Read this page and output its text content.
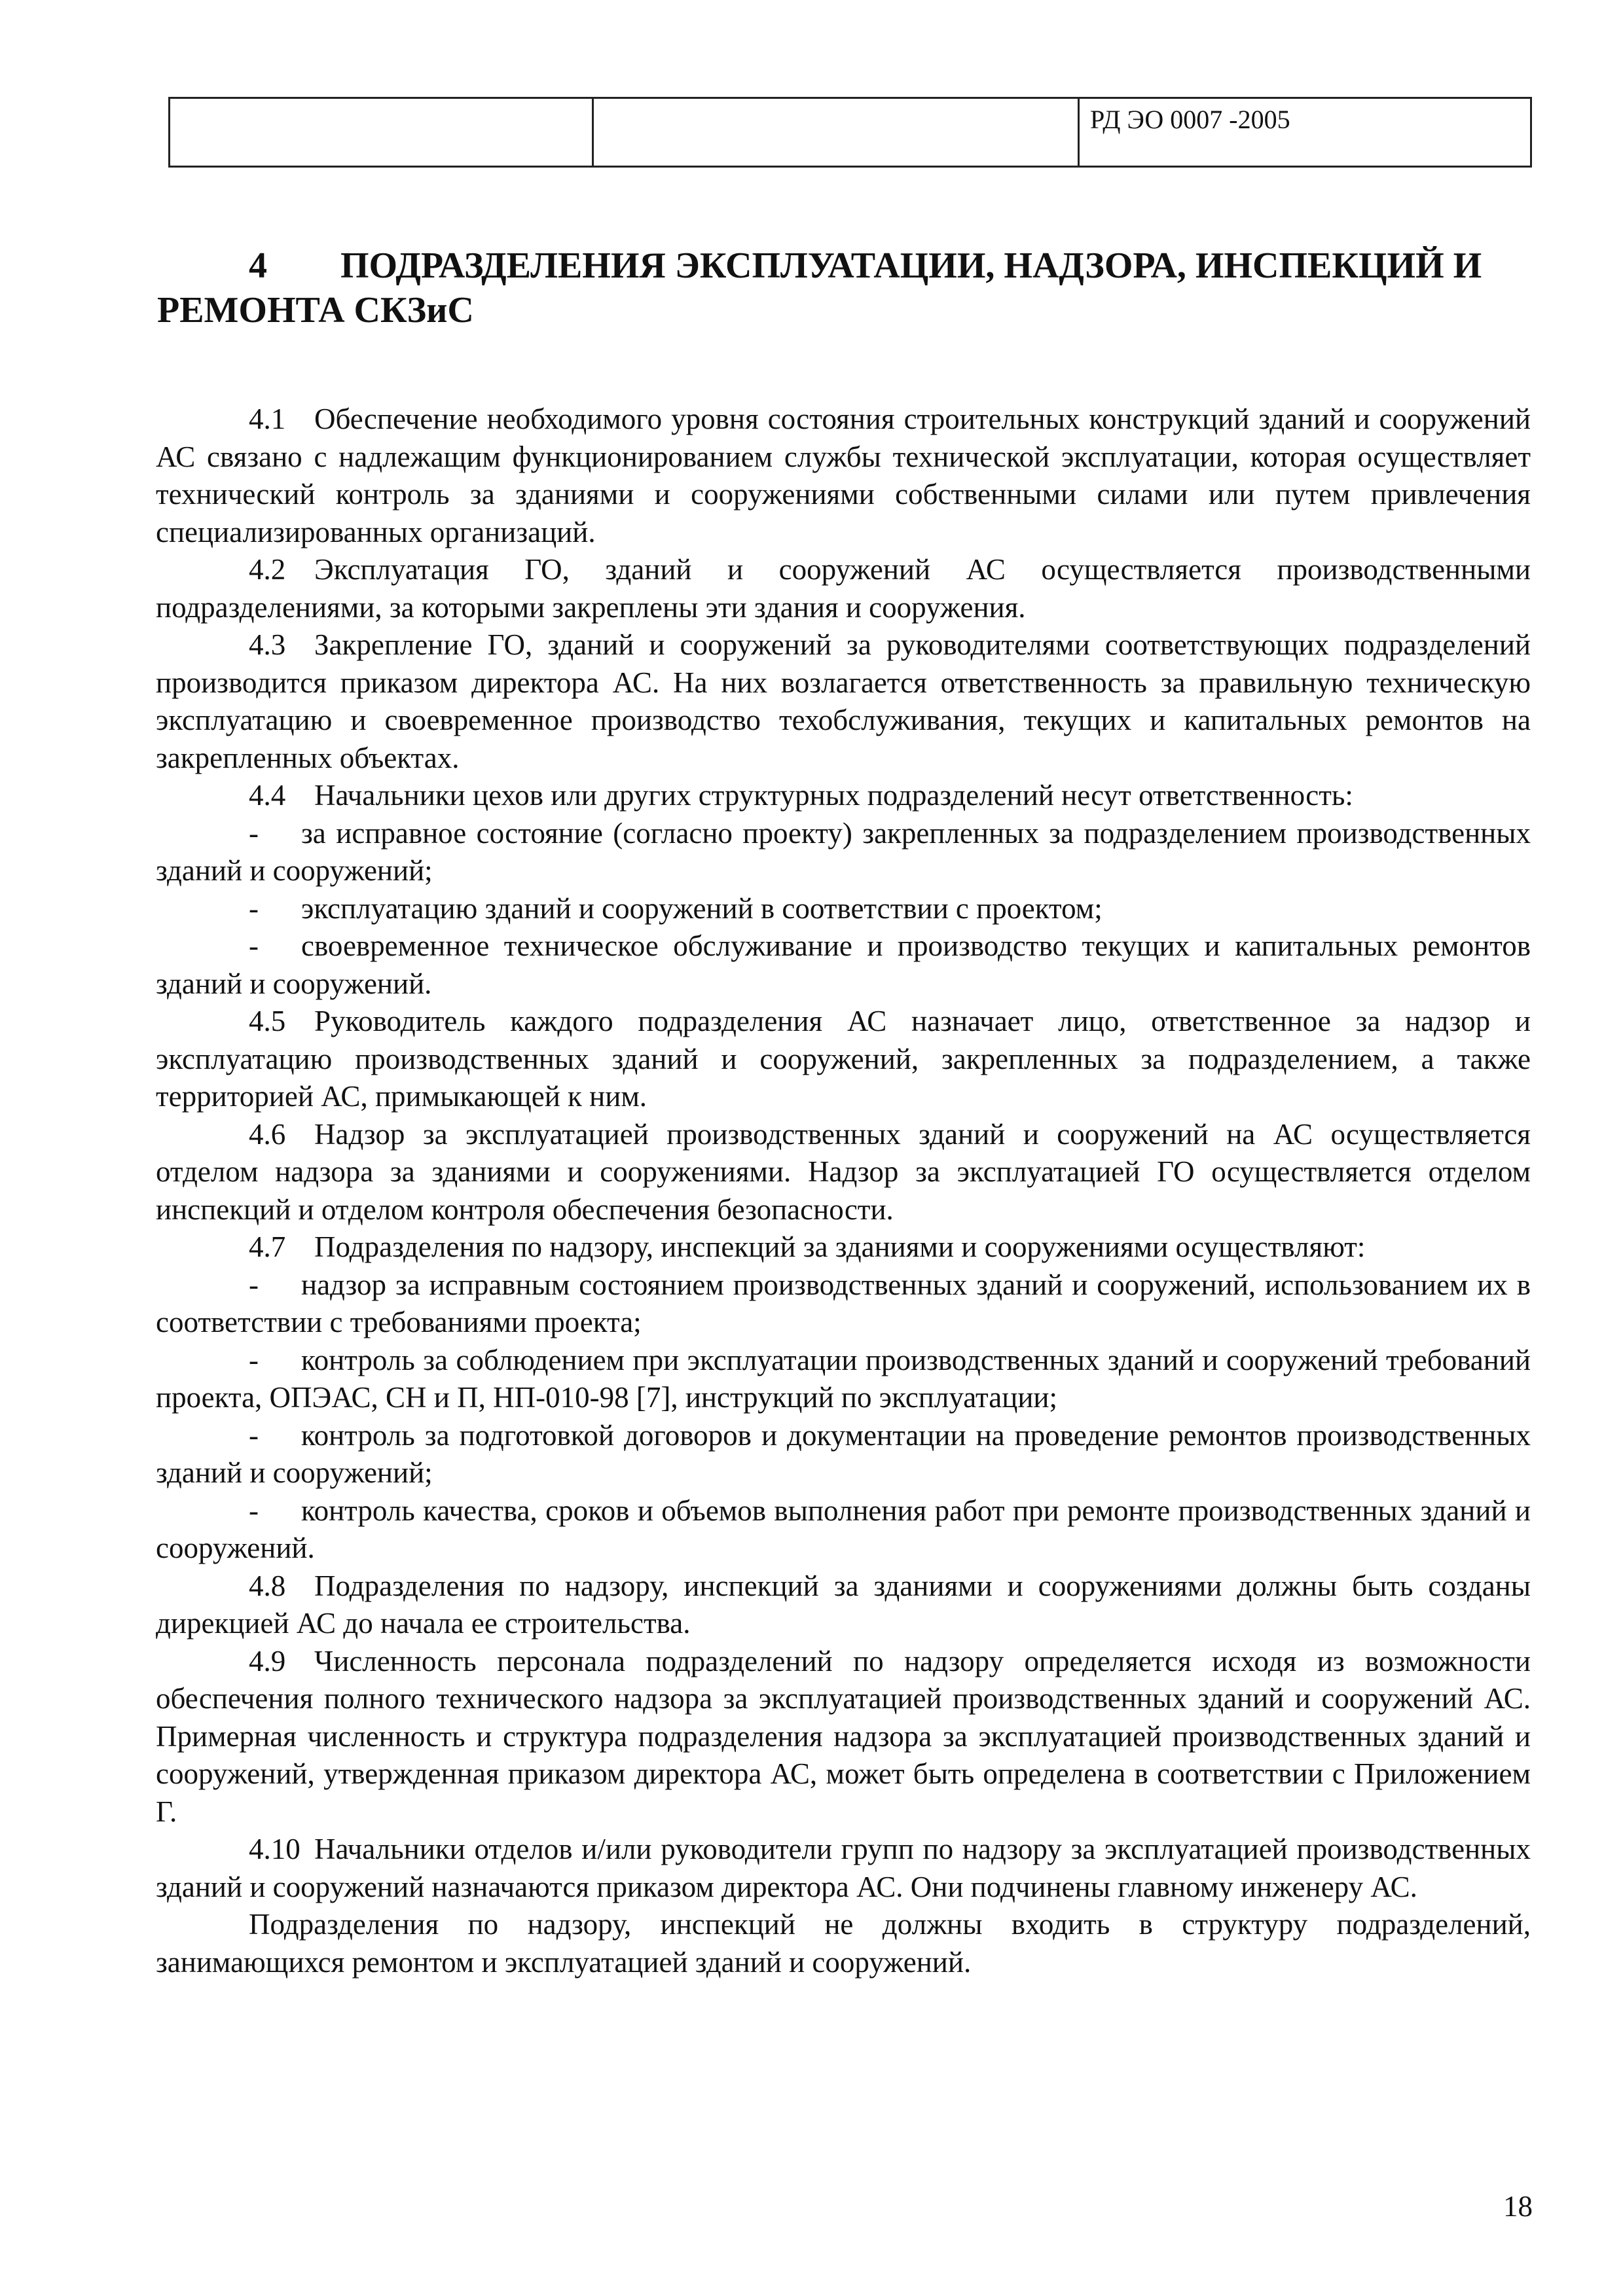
		РД ЭО 0007 -2005
4 ПОДРАЗДЕЛЕНИЯ ЭКСПЛУАТАЦИИ, НАДЗОРА, ИНСПЕКЦИЙ И РЕМОНТА СКЗиС

4.1 Обеспечение необходимого уровня состояния строительных конструкций зданий и сооружений АС связано с надлежащим функционированием службы технической эксплуатации, которая осуществляет технический контроль за зданиями и сооружениями собственными силами или путем привлечения специализированных организаций.

4.2 Эксплуатация ГО, зданий и сооружений АС осуществляется производственными подразделениями, за которыми закреплены эти здания и сооружения.

4.3 Закрепление ГО, зданий и сооружений за руководителями соответствующих подразделений производится приказом директора АС. На них возлагается ответственность за правильную техническую эксплуатацию и своевременное производство техобслуживания, текущих и капитальных ремонтов на закрепленных объектах.

4.4 Начальники цехов или других структурных подразделений несут ответственность:

- за исправное состояние (согласно проекту) закрепленных за подразделением производственных зданий и сооружений;

- эксплуатацию зданий и сооружений в соответствии с проектом;

- своевременное техническое обслуживание и производство текущих и капитальных ремонтов зданий и сооружений.

4.5 Руководитель каждого подразделения АС назначает лицо, ответственное за надзор и эксплуатацию производственных зданий и сооружений, закрепленных за подразделением, а также территорией АС, примыкающей к ним.

4.6 Надзор за эксплуатацией производственных зданий и сооружений на АС осуществляется отделом надзора за зданиями и сооружениями. Надзор за эксплуатацией ГО осуществляется отделом инспекций и отделом контроля обеспечения безопасности.

4.7 Подразделения по надзору, инспекций за зданиями и сооружениями осуществляют:

- надзор за исправным состоянием производственных зданий и сооружений, использованием их в соответствии с требованиями проекта;

- контроль за соблюдением при эксплуатации производственных зданий и сооружений требований проекта, ОПЭАС, СН и П, НП-010-98 [7], инструкций по эксплуатации;

- контроль за подготовкой договоров и документации на проведение ремонтов производственных зданий и сооружений;

- контроль качества, сроков и объемов выполнения работ при ремонте производственных зданий и сооружений.

4.8 Подразделения по надзору, инспекций за зданиями и сооружениями должны быть созданы дирекцией АС до начала ее строительства.

4.9 Численность персонала подразделений по надзору определяется исходя из возможности обеспечения полного технического надзора за эксплуатацией производственных зданий и сооружений АС. Примерная численность и структура подразделения надзора за эксплуатацией производственных зданий и сооружений, утвержденная приказом директора АС, может быть определена в соответствии с Приложением Г.

4.10 Начальники отделов и/или руководители групп по надзору за эксплуатацией производственных зданий и сооружений назначаются приказом директора АС. Они подчинены главному инженеру АС.

Подразделения по надзору, инспекций не должны входить в структуру подразделений, занимающихся ремонтом и эксплуатацией зданий и сооружений.

18
